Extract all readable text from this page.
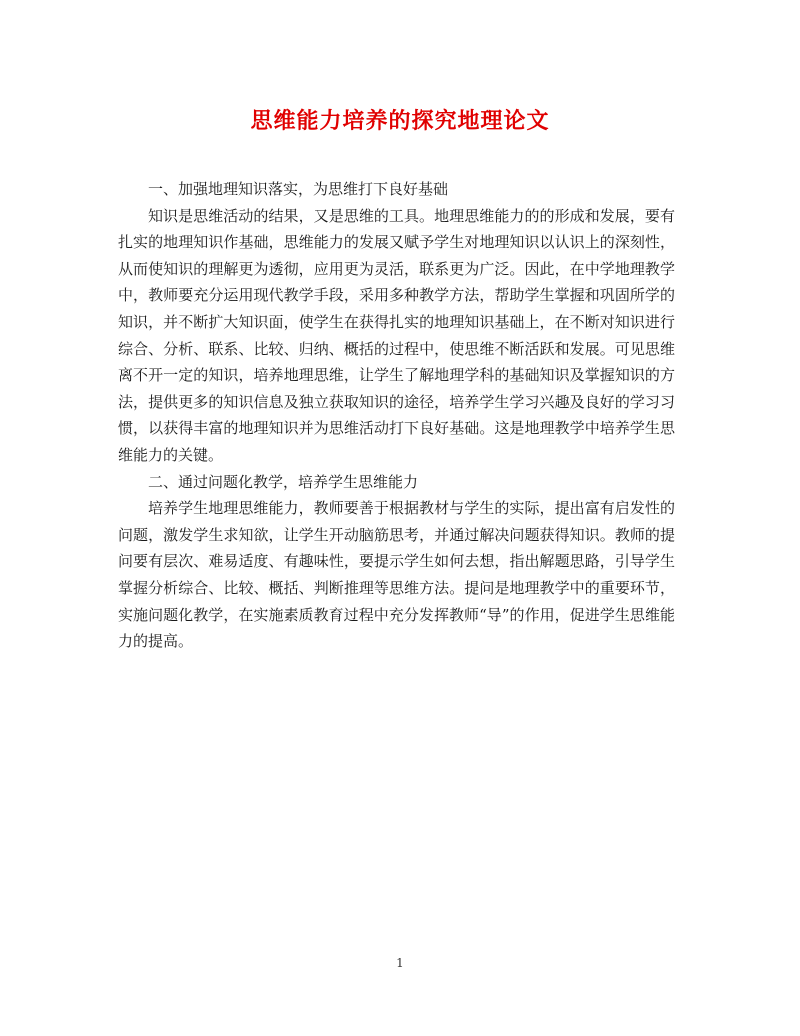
思维能力培养的探究地理论文

一、加强地理知识落实，为思维打下良好基础

知识是思维活动的结果，又是思维的工具。地理思维能力的的形成和发展，要有扎实的地理知识作基础，思维能力的发展又赋予学生对地理知识以认识上的深刻性，从而使知识的理解更为透彻，应用更为灵活，联系更为广泛。因此，在中学地理教学中，教师要充分运用现代教学手段，采用多种教学方法，帮助学生掌握和巩固所学的知识，并不断扩大知识面，使学生在获得扎实的地理知识基础上，在不断对知识进行综合、分析、联系、比较、归纳、概括的过程中，使思维不断活跃和发展。可见思维离不开一定的知识，培养地理思维，让学生了解地理学科的基础知识及掌握知识的方法，提供更多的知识信息及独立获取知识的途径，培养学生学习兴趣及良好的学习习惯，以获得丰富的地理知识并为思维活动打下良好基础。这是地理教学中培养学生思维能力的关键。

二、通过问题化教学，培养学生思维能力

培养学生地理思维能力，教师要善于根据教材与学生的实际，提出富有启发性的问题，激发学生求知欲，让学生开动脑筋思考，并通过解决问题获得知识。教师的提问要有层次、难易适度、有趣味性，要提示学生如何去想，指出解题思路，引导学生掌握分析综合、比较、概括、判断推理等思维方法。提问是地理教学中的重要环节，实施问题化教学，在实施素质教育过程中充分发挥教师“导”的作用，促进学生思维能力的提高。

1
